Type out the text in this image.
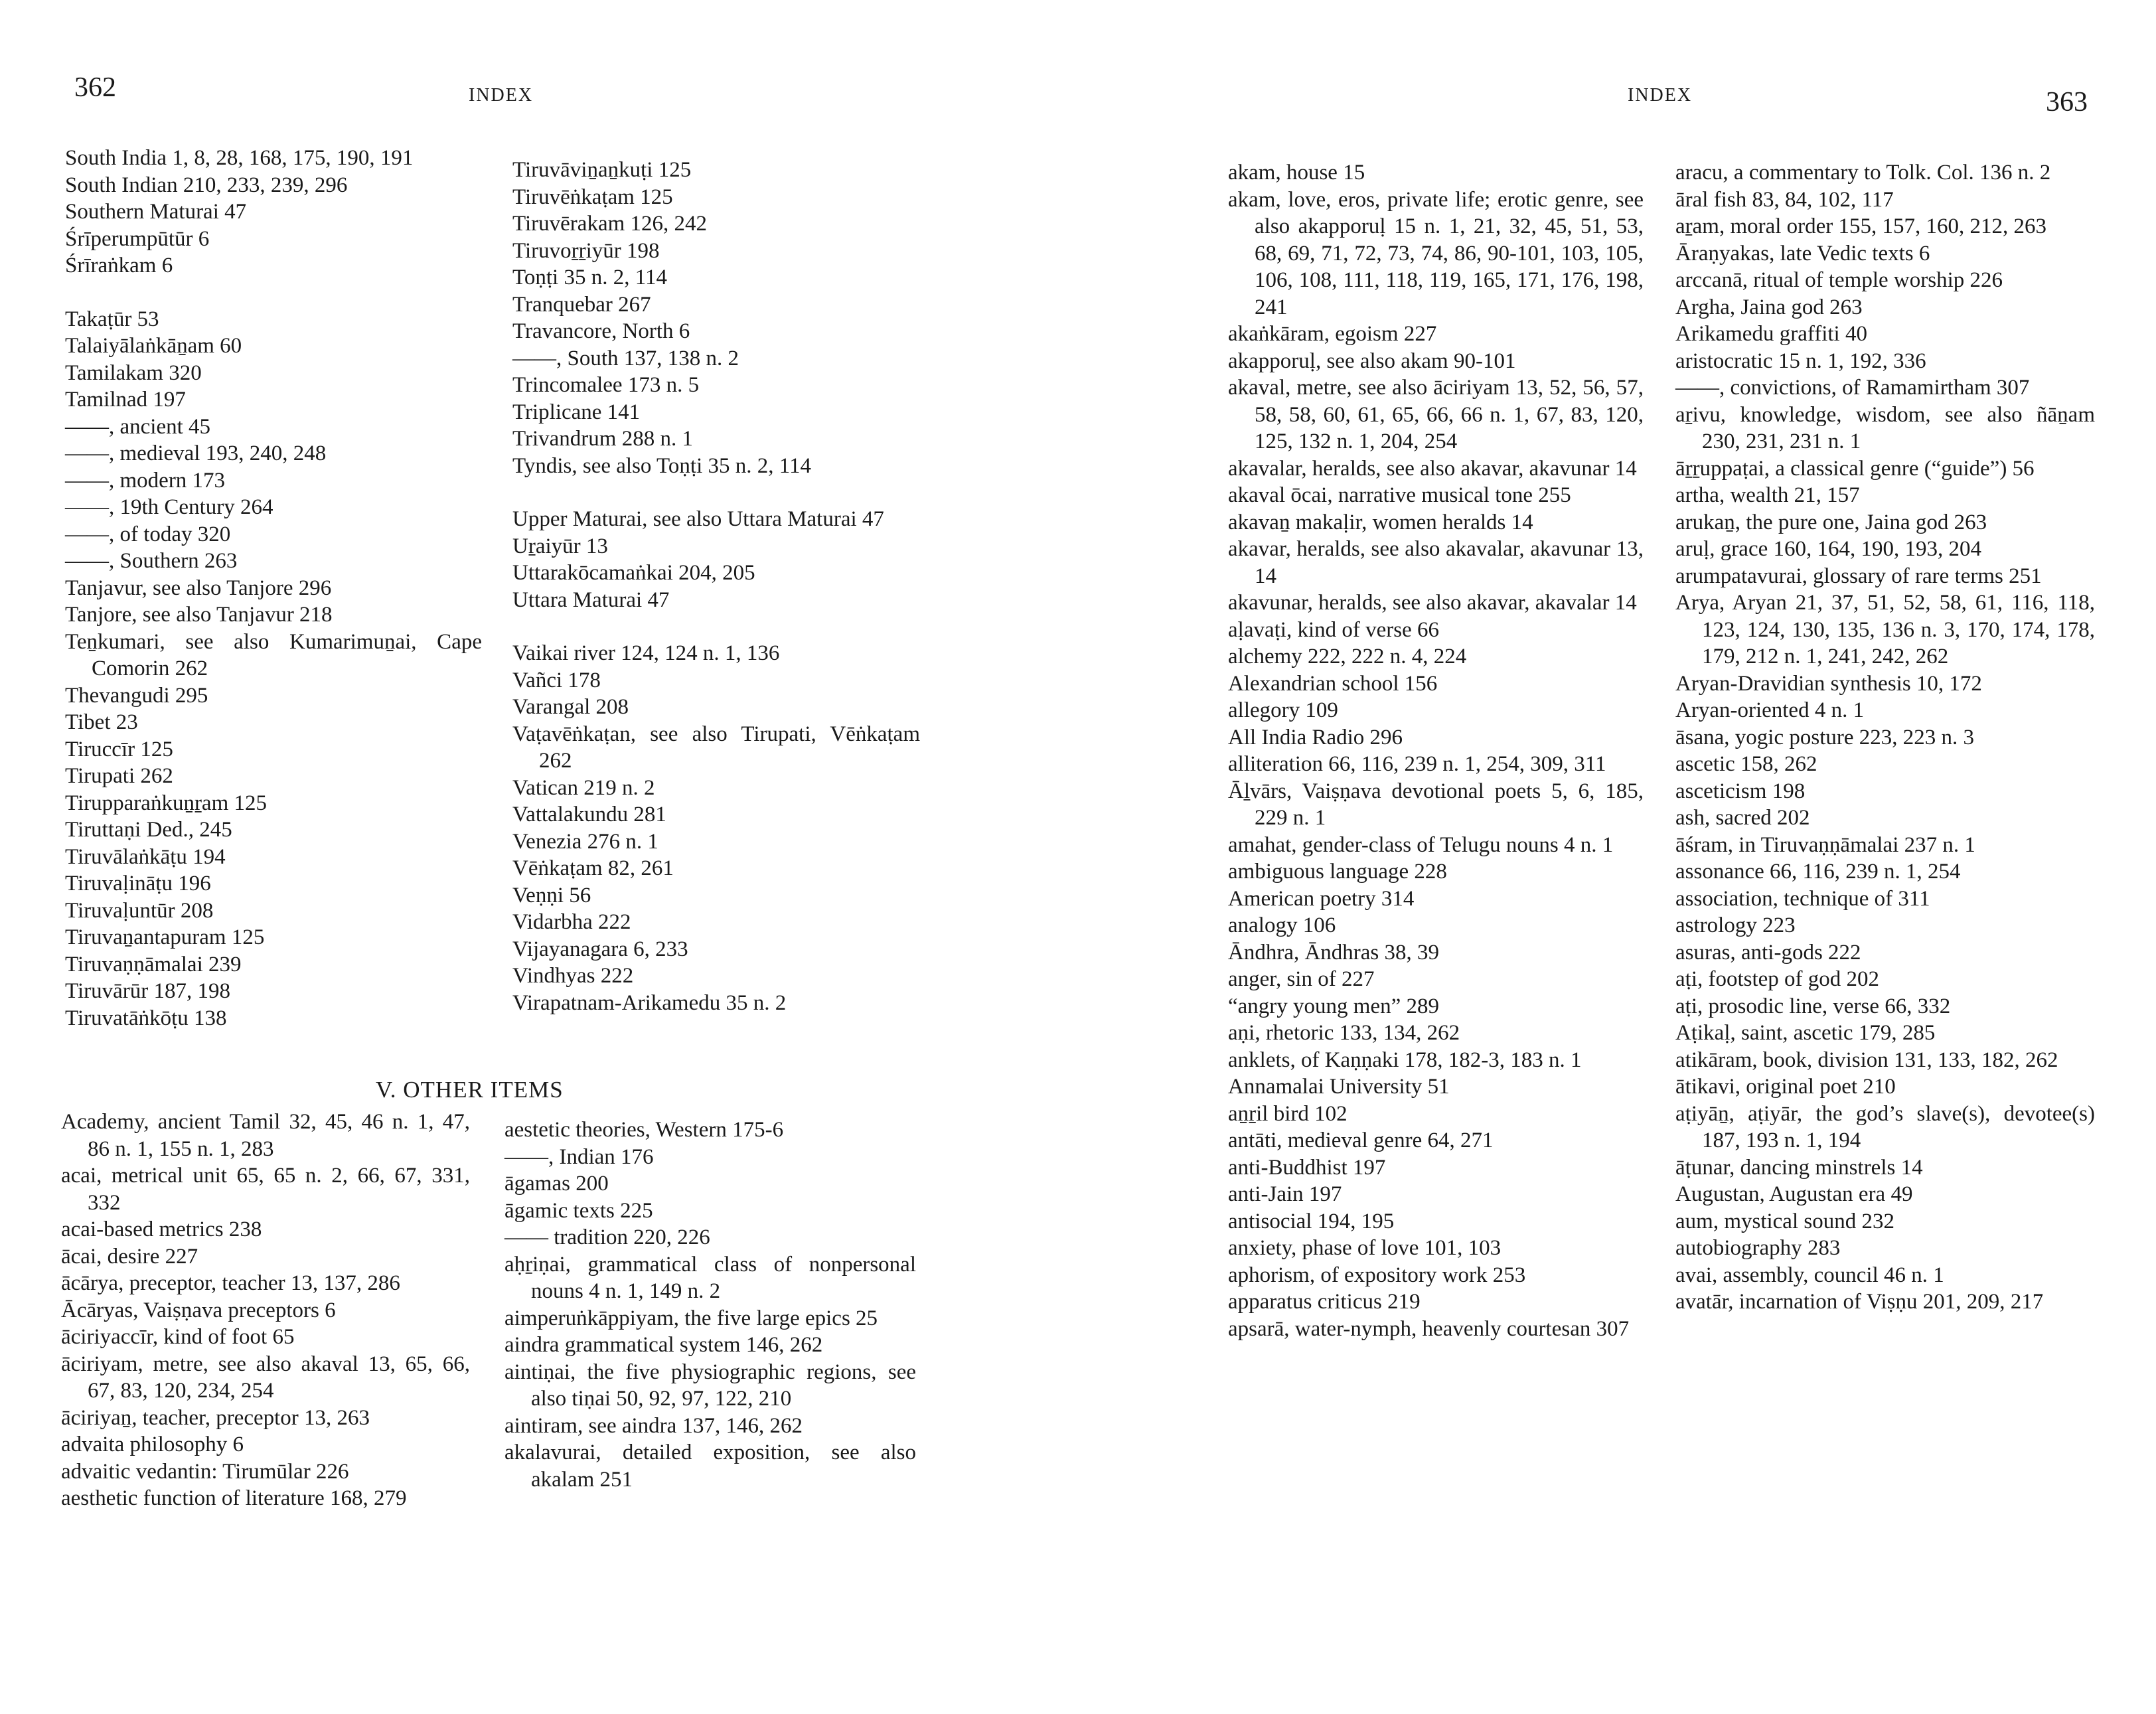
362	INDEX
South India 1, 8, 28, 168, 175, 190, 191
South Indian 210, 233, 239, 296
Southern Maturai 47
Śrīperumpūtūr 6
Śrīraṅkam 6
Takaṭūr 53
Talaiyālaṅkāṉam 60
Tamilakam 320
Tamilnad 197
——, ancient 45
——, medieval 193, 240, 248
——, modern 173
——, 19th Century 264
——, of today 320
——, Southern 263
Tanjavur, see also Tanjore 296
Tanjore, see also Tanjavur 218
Teṉkumari, see also Kumarimuṉai, Cape Comorin 262
Thevangudi 295
Tibet 23
Tiruccīr 125
Tirupati 262
Tirupparaṅkuṉṟam 125
Tiruttaṇi Ded., 245
Tiruvālaṅkāṭu 194
Tiruvaḷināṭu 196
Tiruvaḷuntūr 208
Tiruvaṉantapuram 125
Tiruvaṇṇāmalai 239
Tiruvārūr 187, 198
Tiruvatāṅkōṭu 138
Tiruvāviṉaṉkuṭi 125
Tiruvēṅkaṭam 125
Tiruvērakam 126, 242
Tiruvoṟṟiyūr 198
Toṇṭi 35 n. 2, 114
Tranquebar 267
Travancore, North 6
——, South 137, 138 n. 2
Trincomalee 173 n. 5
Triplicane 141
Trivandrum 288 n. 1
Tyndis, see also Toṇṭi 35 n. 2, 114
Upper Maturai, see also Uttara Maturai 47
Uṟaiyūr 13
Uttarakōcamaṅkai 204, 205
Uttara Maturai 47
Vaikai river 124, 124 n. 1, 136
Vañci 178
Varangal 208
Vaṭavēṅkaṭan, see also Tirupati, Vēṅkaṭam 262
Vatican 219 n. 2
Vattalakundu 281
Venezia 276 n. 1
Vēṅkaṭam 82, 261
Veṇṇi 56
Vidarbha 222
Vijayanagara 6, 233
Vindhyas 222
Virapatnam-Arikamedu 35 n. 2
V. OTHER ITEMS
Academy, ancient Tamil 32, 45, 46 n. 1, 47, 86 n. 1, 155 n. 1, 283
acai, metrical unit 65, 65 n. 2, 66, 67, 331, 332
acai-based metrics 238
ācai, desire 227
ācārya, preceptor, teacher 13, 137, 286
Ācāryas, Vaiṣṇava preceptors 6
āciriyaccīr, kind of foot 65
āciriyam, metre, see also akaval 13, 65, 66, 67, 83, 120, 234, 254
āciriyaṉ, teacher, preceptor 13, 263
advaita philosophy 6
advaitic vedantin: Tirumūlar 226
aesthetic function of literature 168, 279
aestetic theories, Western 175-6
——, Indian 176
āgamas 200
āgamic texts 225
—— tradition 220, 226
aḥṟiṇai, grammatical class of nonpersonal nouns 4 n. 1, 149 n. 2
aimperuṅkāppiyam, the five large epics 25
aindra grammatical system 146, 262
aintiṇai, the five physiographic regions, see also tiṇai 50, 92, 97, 122, 210
aintiram, see aindra 137, 146, 262
akalavurai, detailed exposition, see also akalam 251
INDEX	363
akam, house 15
akam, love, eros, private life; erotic genre, see also akapporuḷ 15 n. 1, 21, 32, 45, 51, 53, 68, 69, 71, 72, 73, 74, 86, 90-101, 103, 105, 106, 108, 111, 118, 119, 165, 171, 176, 198, 241
akaṅkāram, egoism 227
akapporuḷ, see also akam 90-101
akaval, metre, see also āciriyam 13, 52, 56, 57, 58, 58, 60, 61, 65, 66, 66 n. 1, 67, 83, 120, 125, 132 n. 1, 204, 254
akavalar, heralds, see also akavar, akavunar 14
akaval ōcai, narrative musical tone 255
akavaṉ makaḷir, women heralds 14
akavar, heralds, see also akavalar, akavunar 13, 14
akavunar, heralds, see also akavar, akavalar 14
aḷavaṭi, kind of verse 66
alchemy 222, 222 n. 4, 224
Alexandrian school 156
allegory 109
All India Radio 296
alliteration 66, 116, 239 n. 1, 254, 309, 311
Āḻvārs, Vaiṣṇava devotional poets 5, 6, 185, 229 n. 1
amahat, gender-class of Telugu nouns 4 n. 1
ambiguous language 228
American poetry 314
analogy 106
Āndhra, Āndhras 38, 39
anger, sin of 227
“angry young men” 289
aṇi, rhetoric 133, 134, 262
anklets, of Kaṇṇaki 178, 182-3, 183 n. 1
Annamalai University 51
aṉṟil bird 102
antāti, medieval genre 64, 271
anti-Buddhist 197
anti-Jain 197
antisocial 194, 195
anxiety, phase of love 101, 103
aphorism, of expository work 253
apparatus criticus 219
apsarā, water-nymph, heavenly courtesan 307
aracu, a commentary to Tolk. Col. 136 n. 2
āral fish 83, 84, 102, 117
aṟam, moral order 155, 157, 160, 212, 263
Āraṇyakas, late Vedic texts 6
arccanā, ritual of temple worship 226
Argha, Jaina god 263
Arikamedu graffiti 40
aristocratic 15 n. 1, 192, 336
——, convictions, of Ramamirtham 307
aṟivu, knowledge, wisdom, see also ñāṉam 230, 231, 231 n. 1
āṟṟuppaṭai, a classical genre (“guide”) 56
artha, wealth 21, 157
arukaṉ, the pure one, Jaina god 263
aruḷ, grace 160, 164, 190, 193, 204
arumpatavurai, glossary of rare terms 251
Arya, Aryan 21, 37, 51, 52, 58, 61, 116, 118, 123, 124, 130, 135, 136 n. 3, 170, 174, 178, 179, 212 n. 1, 241, 242, 262
Aryan-Dravidian synthesis 10, 172
Aryan-oriented 4 n. 1
āsana, yogic posture 223, 223 n. 3
ascetic 158, 262
asceticism 198
ash, sacred 202
āśram, in Tiruvaṇṇāmalai 237 n. 1
assonance 66, 116, 239 n. 1, 254
association, technique of 311
astrology 223
asuras, anti-gods 222
aṭi, footstep of god 202
aṭi, prosodic line, verse 66, 332
Aṭikaḷ, saint, ascetic 179, 285
atikāram, book, division 131, 133, 182, 262
ātikavi, original poet 210
aṭiyāṉ, aṭiyār, the god’s slave(s), devotee(s) 187, 193 n. 1, 194
āṭunar, dancing minstrels 14
Augustan, Augustan era 49
aum, mystical sound 232
autobiography 283
avai, assembly, council 46 n. 1
avatār, incarnation of Viṣṇu 201, 209, 217
